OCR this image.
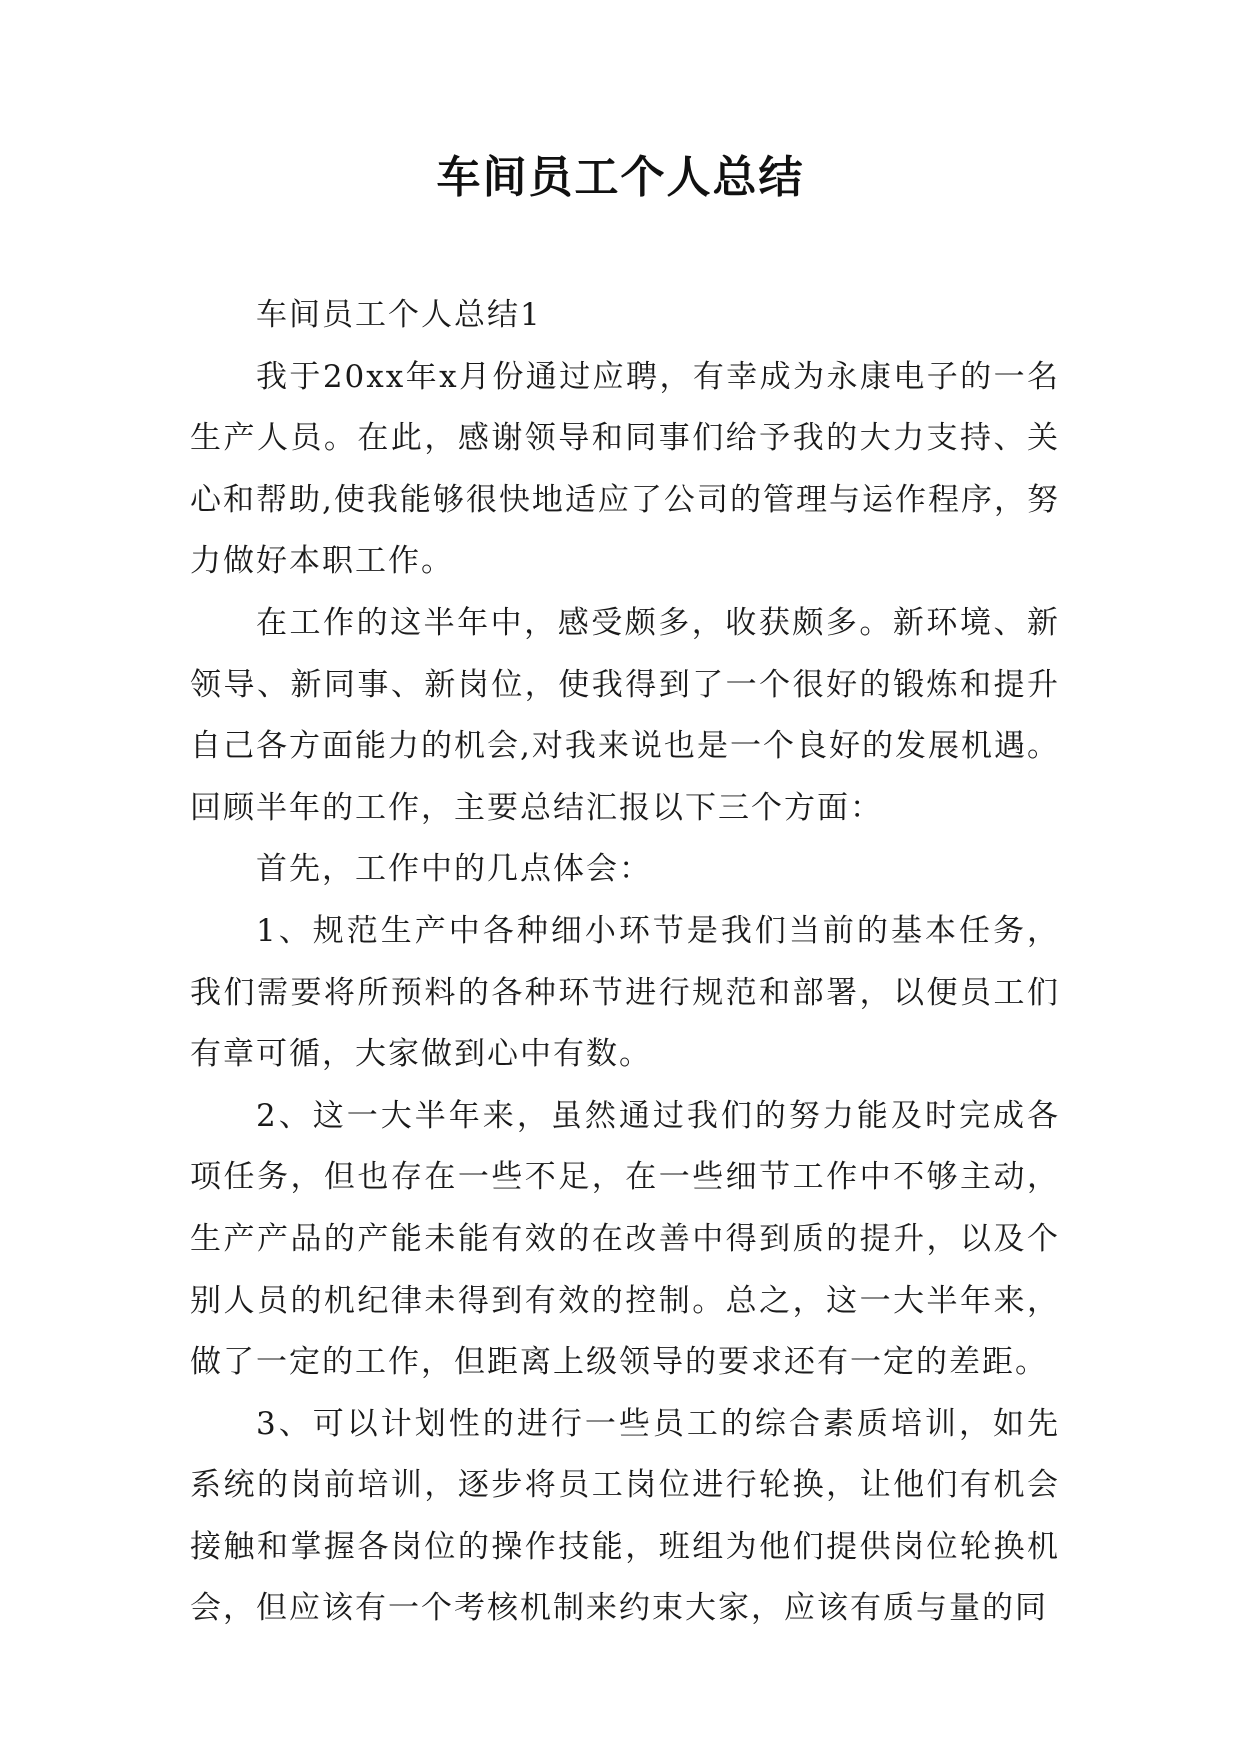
车间员工个人总结

车间员工个人总结1

我于20xx年x月份通过应聘，有幸成为永康电子的一名生产人员。在此，感谢领导和同事们给予我的大力支持、关心和帮助,使我能够很快地适应了公司的管理与运作程序，努力做好本职工作。

在工作的这半年中，感受颇多，收获颇多。新环境、新领导、新同事、新岗位，使我得到了一个很好的锻炼和提升自己各方面能力的机会,对我来说也是一个良好的发展机遇。回顾半年的工作，主要总结汇报以下三个方面：

首先，工作中的几点体会：

1、规范生产中各种细小环节是我们当前的基本任务，我们需要将所预料的各种环节进行规范和部署，以便员工们有章可循，大家做到心中有数。

2、这一大半年来，虽然通过我们的努力能及时完成各项任务，但也存在一些不足，在一些细节工作中不够主动，生产产品的产能未能有效的在改善中得到质的提升，以及个别人员的机纪律未得到有效的控制。总之，这一大半年来，做了一定的工作，但距离上级领导的要求还有一定的差距。

3、可以计划性的进行一些员工的综合素质培训，如先系统的岗前培训，逐步将员工岗位进行轮换，让他们有机会接触和掌握各岗位的操作技能，班组为他们提供岗位轮换机会，但应该有一个考核机制来约束大家，应该有质与量的同
